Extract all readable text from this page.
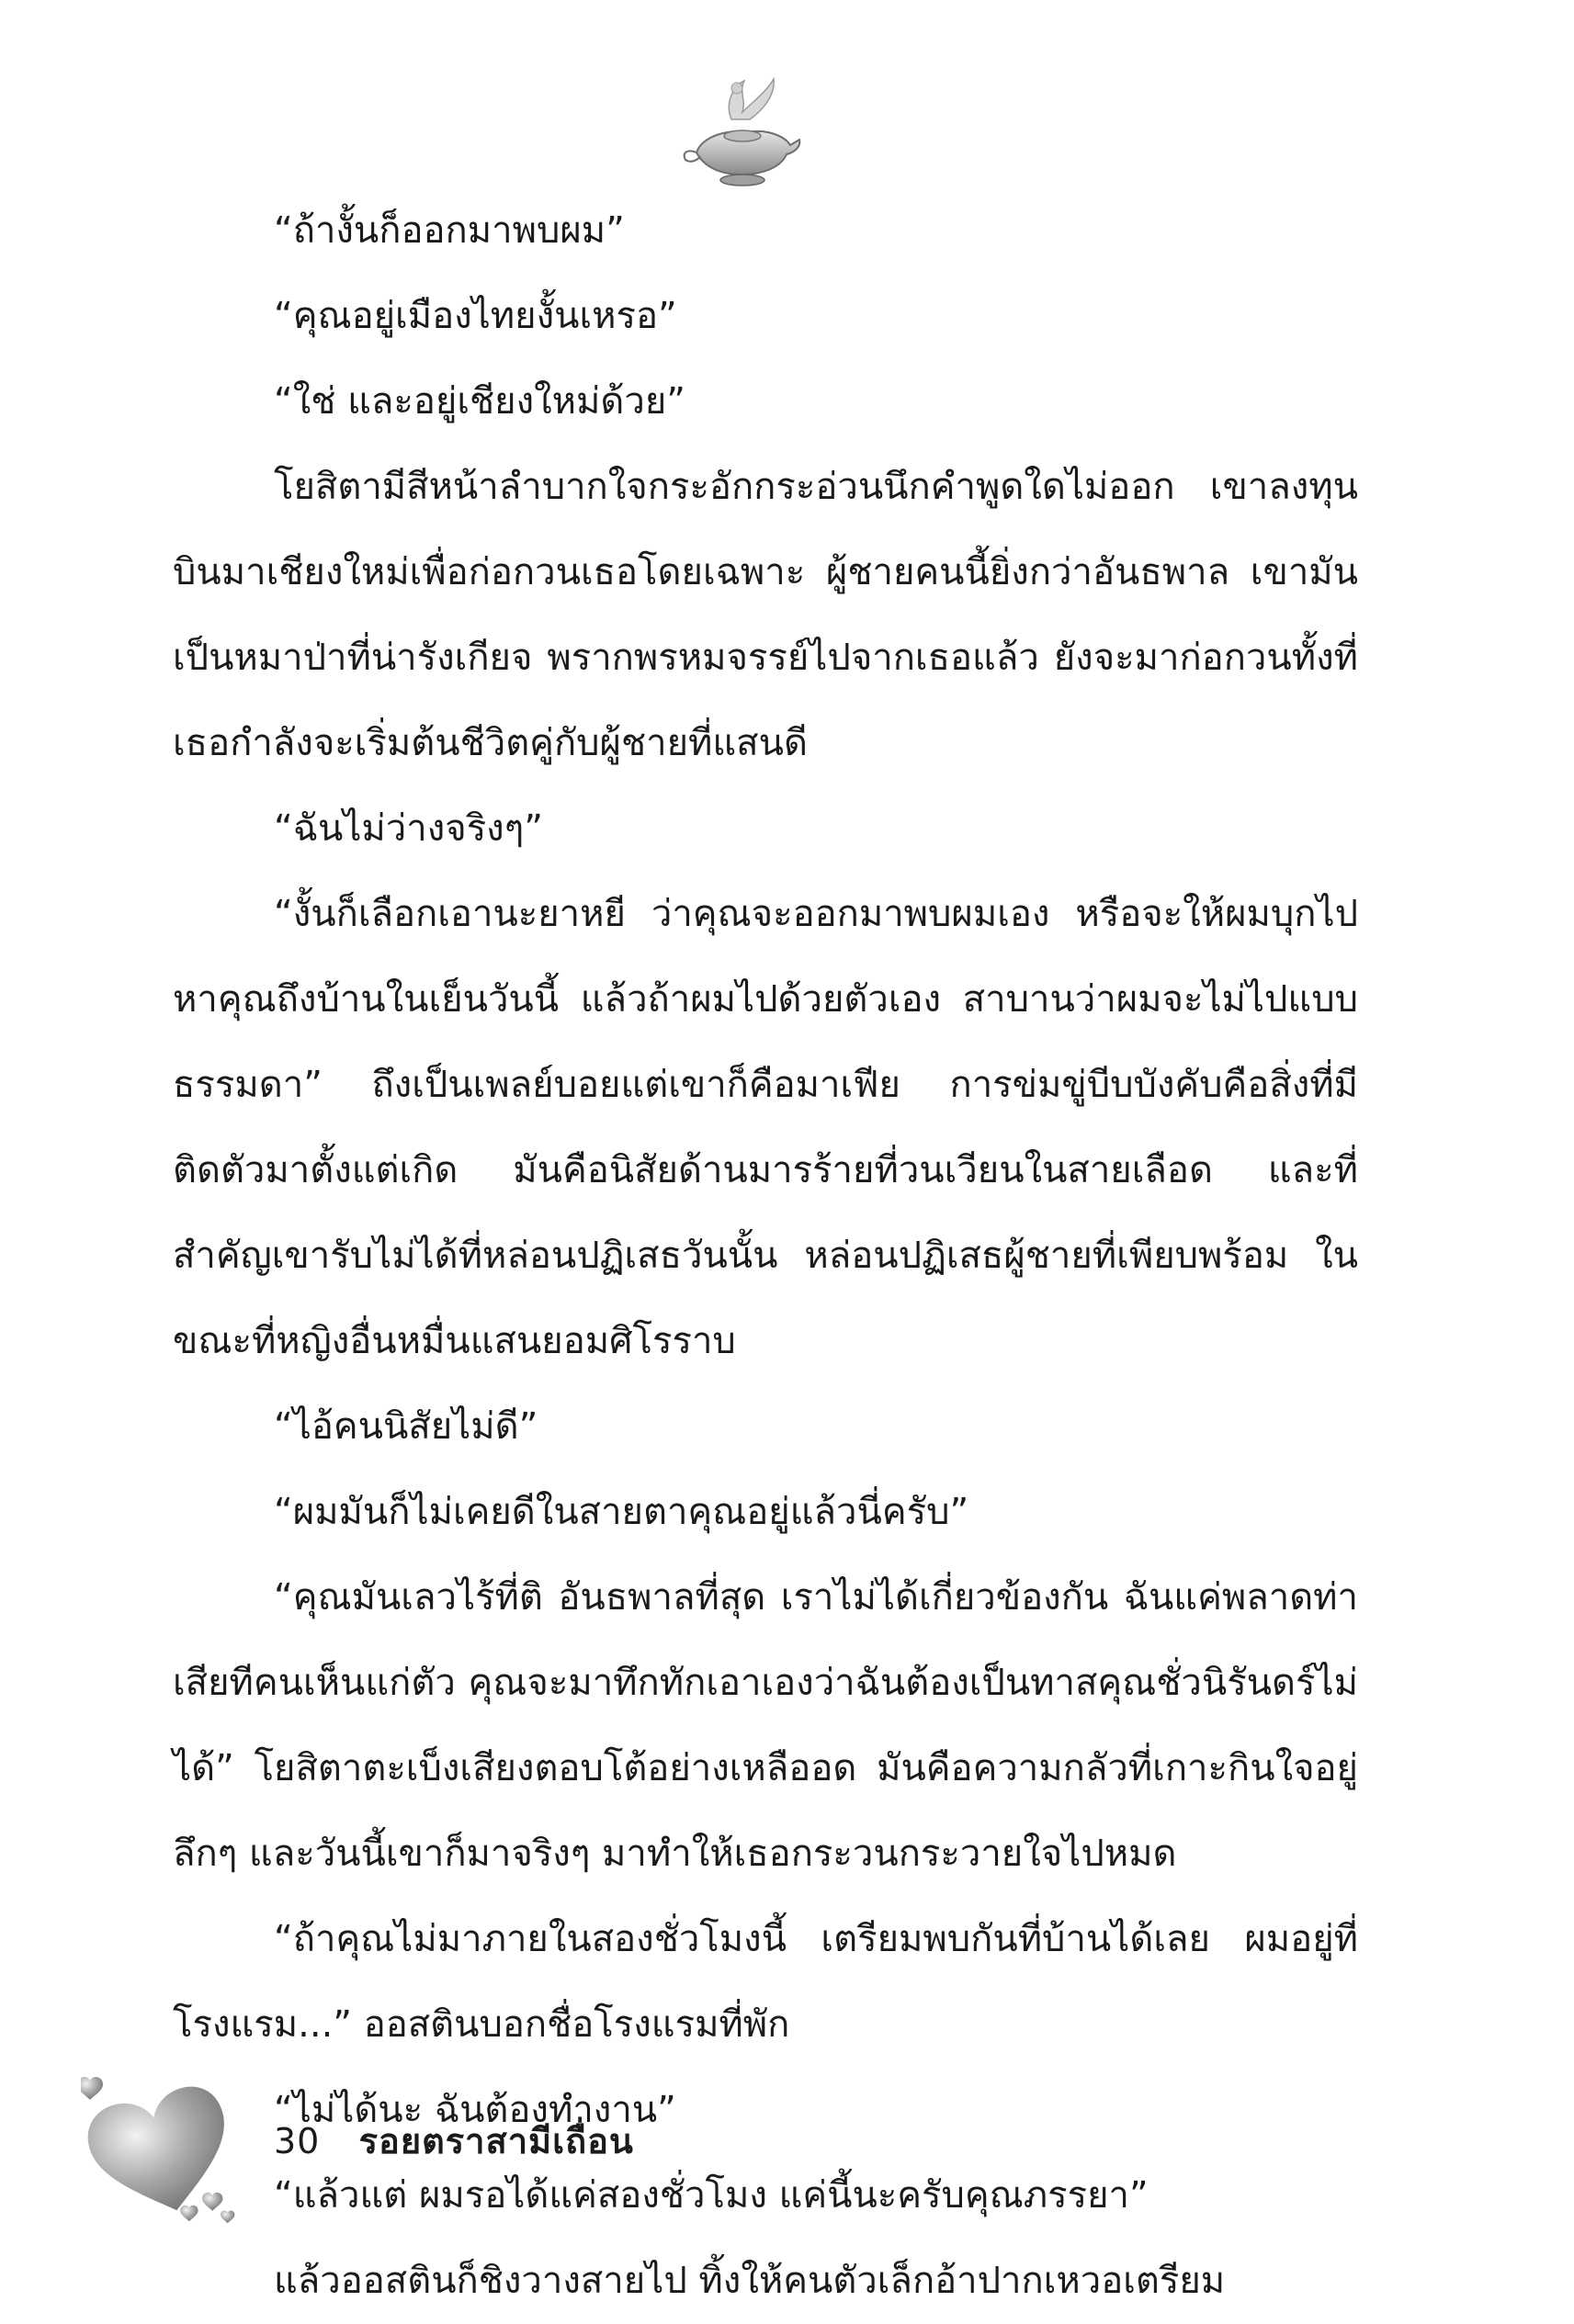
“ถ้างั้นก็ออกมาพบผม”

“คุณอยู่เมืองไทยงั้นเหรอ”

“ใช่ และอยู่เชียงใหม่ด้วย”

โยสิตามีสีหน้าลำบากใจกระอักกระอ่วนนึกคำพูดใดไม่ออก เขาลงทุนบินมาเชียงใหม่เพื่อก่อกวนเธอโดยเฉพาะ ผู้ชายคนนี้ยิ่งกว่าอันธพาล เขามันเป็นหมาป่าที่น่ารังเกียจ พรากพรหมจรรย์ไปจากเธอแล้ว ยังจะมาก่อกวนทั้งที่เธอกำลังจะเริ่มต้นชีวิตคู่กับผู้ชายที่แสนดี

“ฉันไม่ว่างจริงๆ”

“งั้นก็เลือกเอานะยาหยี ว่าคุณจะออกมาพบผมเอง หรือจะให้ผมบุกไปหาคุณถึงบ้านในเย็นวันนี้ แล้วถ้าผมไปด้วยตัวเอง สาบานว่าผมจะไม่ไปแบบธรรมดา” ถึงเป็นเพลย์บอยแต่เขาก็คือมาเฟีย การข่มขู่บีบบังคับคือสิ่งที่มีติดตัวมาตั้งแต่เกิด มันคือนิสัยด้านมารร้ายที่วนเวียนในสายเลือด และที่สำคัญเขารับไม่ได้ที่หล่อนปฏิเสธวันนั้น หล่อนปฏิเสธผู้ชายที่เพียบพร้อม ในขณะที่หญิงอื่นหมื่นแสนยอมศิโรราบ

“ไอ้คนนิสัยไม่ดี”

“ผมมันก็ไม่เคยดีในสายตาคุณอยู่แล้วนี่ครับ”

“คุณมันเลวไร้ที่ติ อันธพาลที่สุด เราไม่ได้เกี่ยวข้องกัน ฉันแค่พลาดท่าเสียทีคนเห็นแก่ตัว คุณจะมาทึกทักเอาเองว่าฉันต้องเป็นทาสคุณชั่วนิรันดร์ไม่ได้” โยสิตาตะเบ็งเสียงตอบโต้อย่างเหลืออด มันคือความกลัวที่เกาะกินใจอยู่ลึกๆ และวันนี้เขาก็มาจริงๆ มาทำให้เธอกระวนกระวายใจไปหมด

“ถ้าคุณไม่มาภายในสองชั่วโมงนี้ เตรียมพบกันที่บ้านได้เลย ผมอยู่ที่โรงแรม...” ออสตินบอกชื่อโรงแรมที่พัก

“ไม่ได้นะ ฉันต้องทำงาน”

“แล้วแต่ ผมรอได้แค่สองชั่วโมง แค่นี้นะครับคุณภรรยา”

แล้วออสตินก็ชิงวางสายไป ทิ้งให้คนตัวเล็กอ้าปากเหวอเตรียม

30 รอยตราสามีเถื่อน
